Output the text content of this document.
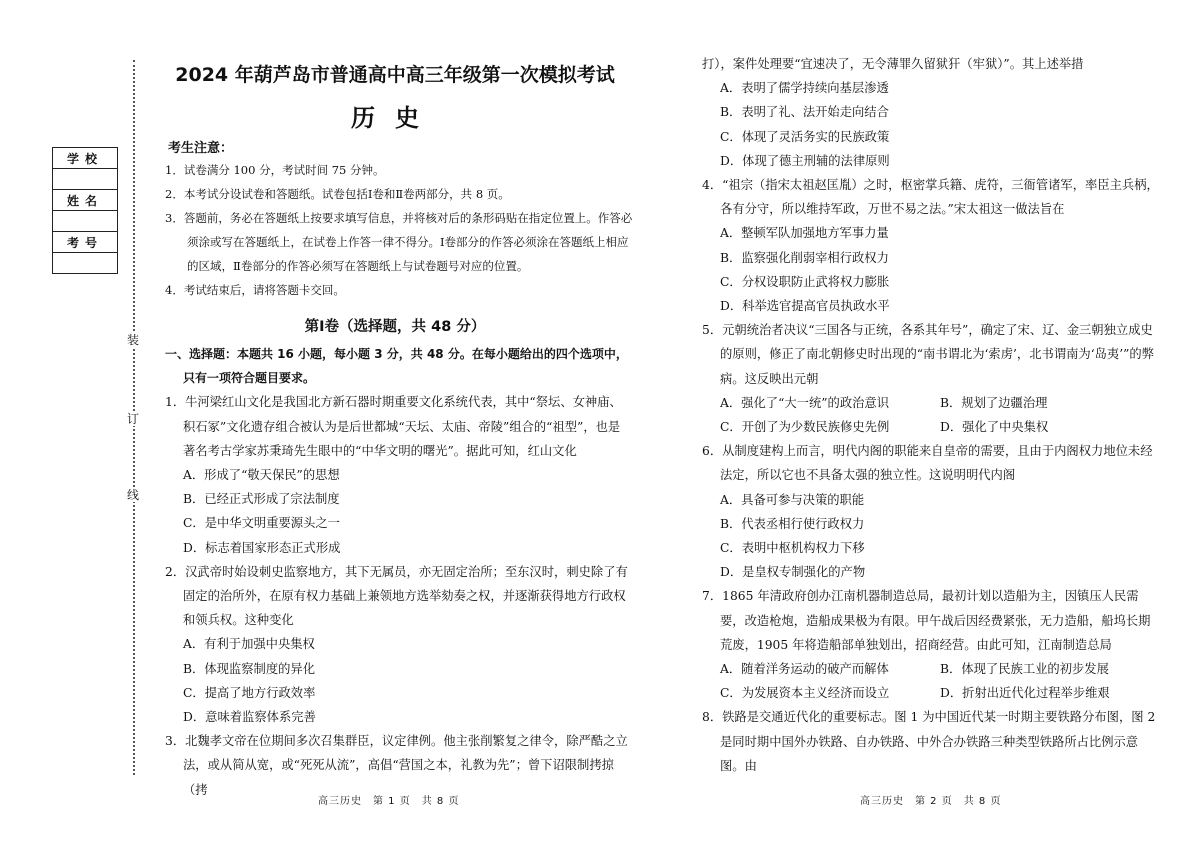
装
订
线
学校

姓名

考号

2024 年葫芦岛市普通高中高三年级第一次模拟考试
历史
考生注意：
1．试卷满分 100 分，考试时间 75 分钟。
2．本考试分设试卷和答题纸。试卷包括Ⅰ卷和Ⅱ卷两部分，共 8 页。
3．答题前，务必在答题纸上按要求填写信息，并将核对后的条形码贴在指定位置上。作答必须涂或写在答题纸上，在试卷上作答一律不得分。Ⅰ卷部分的作答必须涂在答题纸上相应的区域，Ⅱ卷部分的作答必须写在答题纸上与试卷题号对应的位置。
4．考试结束后，请将答题卡交回。
第Ⅰ卷（选择题，共 48 分）
一、选择题：本题共 16 小题，每小题 3 分，共 48 分。在每小题给出的四个选项中，只有一项符合题目要求。
1．牛河梁红山文化是我国北方新石器时期重要文化系统代表，其中“祭坛、女神庙、积石冢”文化遗存组合被认为是后世都城“天坛、太庙、帝陵”组合的“祖型”，也是著名考古学家苏秉琦先生眼中的“中华文明的曙光”。据此可知，红山文化
A．形成了“敬天保民”的思想
B．已经正式形成了宗法制度
C．是中华文明重要源头之一
D．标志着国家形态正式形成
2．汉武帝时始设刺史监察地方，其下无属员，亦无固定治所；至东汉时，刺史除了有固定的治所外，在原有权力基础上兼领地方选举劾奏之权，并逐渐获得地方行政权和领兵权。这种变化
A．有利于加强中央集权
B．体现监察制度的异化
C．提高了地方行政效率
D．意味着监察体系完善
3．北魏孝文帝在位期间多次召集群臣，议定律例。他主张削繁复之律令，除严酷之立法，或从简从宽，或“死死从流”，高倡“营国之本，礼教为先”；曾下诏限制拷掠（拷
打），案件处理要“宜速决了，无令薄罪久留狱犴（牢狱）”。其上述举措
A．表明了儒学持续向基层渗透
B．表明了礼、法开始走向结合
C．体现了灵活务实的民族政策
D．体现了德主刑辅的法律原则
4．“祖宗（指宋太祖赵匡胤）之时，枢密掌兵籍、虎符，三衙管诸军，率臣主兵柄，各有分守，所以维持军政，万世不易之法。”宋太祖这一做法旨在
A．整顿军队加强地方军事力量
B．监察强化削弱宰相行政权力
C．分权设职防止武将权力膨胀
D．科举选官提高官员执政水平
5．元朝统治者决议“三国各与正统，各系其年号”，确定了宋、辽、金三朝独立成史的原则，修正了南北朝修史时出现的“南书谓北为‘索虏’，北书谓南为‘岛夷’”的弊病。这反映出元朝
A．强化了“大一统”的政治意识	B．规划了边疆治理
C．开创了为少数民族修史先例	D．强化了中央集权
6．从制度建构上而言，明代内阁的职能来自皇帝的需要，且由于内阁权力地位未经法定，所以它也不具备太强的独立性。这说明明代内阁
A．具备可参与决策的职能
B．代表丞相行使行政权力
C．表明中枢机构权力下移
D．是皇权专制强化的产物
7．1865 年清政府创办江南机器制造总局，最初计划以造船为主，因镇压人民需要，改造枪炮，造船成果极为有限。甲午战后因经费紧张，无力造船，船坞长期荒废，1905 年将造船部单独划出，招商经营。由此可知，江南制造总局
A．随着洋务运动的破产而解体	B．体现了民族工业的初步发展
C．为发展资本主义经济而设立	D．折射出近代化过程举步维艰
8．铁路是交通近代化的重要标志。图 1 为中国近代某一时期主要铁路分布图，图 2 是同时期中国外办铁路、自办铁路、中外合办铁路三种类型铁路所占比例示意图。由
高三历史　第 1 页　共 8 页	高三历史　第 2 页　共 8 页
